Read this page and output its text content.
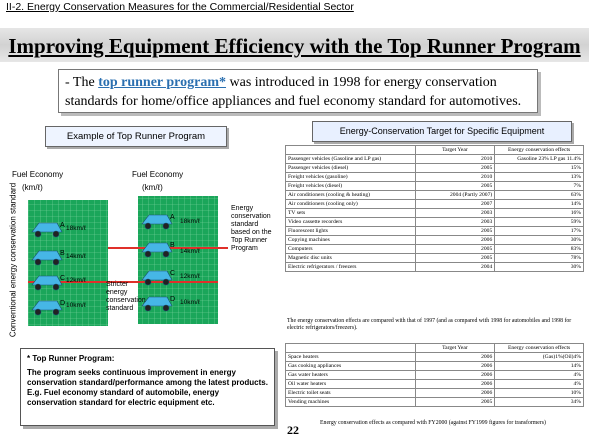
II-2. Energy Conservation Measures for the Commercial/Residential Sector
Improving Equipment Efficiency with the Top Runner Program
- The top runner program* was introduced in 1998 for energy conservation standards for home/office appliances and fuel economy standard for automotives.
Example of Top Runner Program
Fuel Economy
(km/ℓ)
Fuel Economy
(km/ℓ)
Conventional energy conservation standard	A
B
C
D
18km/ℓ
14km/ℓ
12km/ℓ
10km/ℓ
A
B
C
D
18km/ℓ
14km/ℓ
12km/ℓ
10km/ℓ
Energy conservation standard based on the Top Runner Program
Stricter energy conservation standard
* Top Runner Program:
The program seeks continuous improvement in energy conservation standard/performance among the latest products. E.g. Fuel economy standard of automobile, energy conservation standard for electric equipment etc.
Energy-Conservation Target for Specific Equipment
	Target Year	Energy conservation effects
Passenger vehicles (Gasoline and LP gas)	2010	Gasoline 23% LP gas 11.4%
Passenger vehicles (diesel)	2005	15%
Freight vehicles (gasoline)	2010	13%
Freight vehicles (diesel)	2005	7%
Air conditioners (cooling & heating)	2004 (Partly 2007)	63%
Air conditioners (cooling only)	2007	14%
TV sets	2003	16%
Video cassette recorders	2003	59%
Fluorescent lights	2005	17%
Copying machines	2006	30%
Computers	2005	83%
Magnetic disc units	2005	78%
Electric refrigerators / freezers	2004	30%
The energy conservation effects are compared with that of 1997 (and as compared with 1998 for automobiles and 1998 for electric refrigerators/freezers).
	Target Year	Energy conservation effects
Space heaters	2006	(Gas)1%(Oil)4%
Gas cooking appliances	2006	14%
Gas water heaters	2006	4%
Oil water heaters	2006	4%
Electric toilet seats	2006	10%
Vending machines	2005	34%
22	Energy conservation effects as compared with FY2000 (against FY1999 figures for transformers)
